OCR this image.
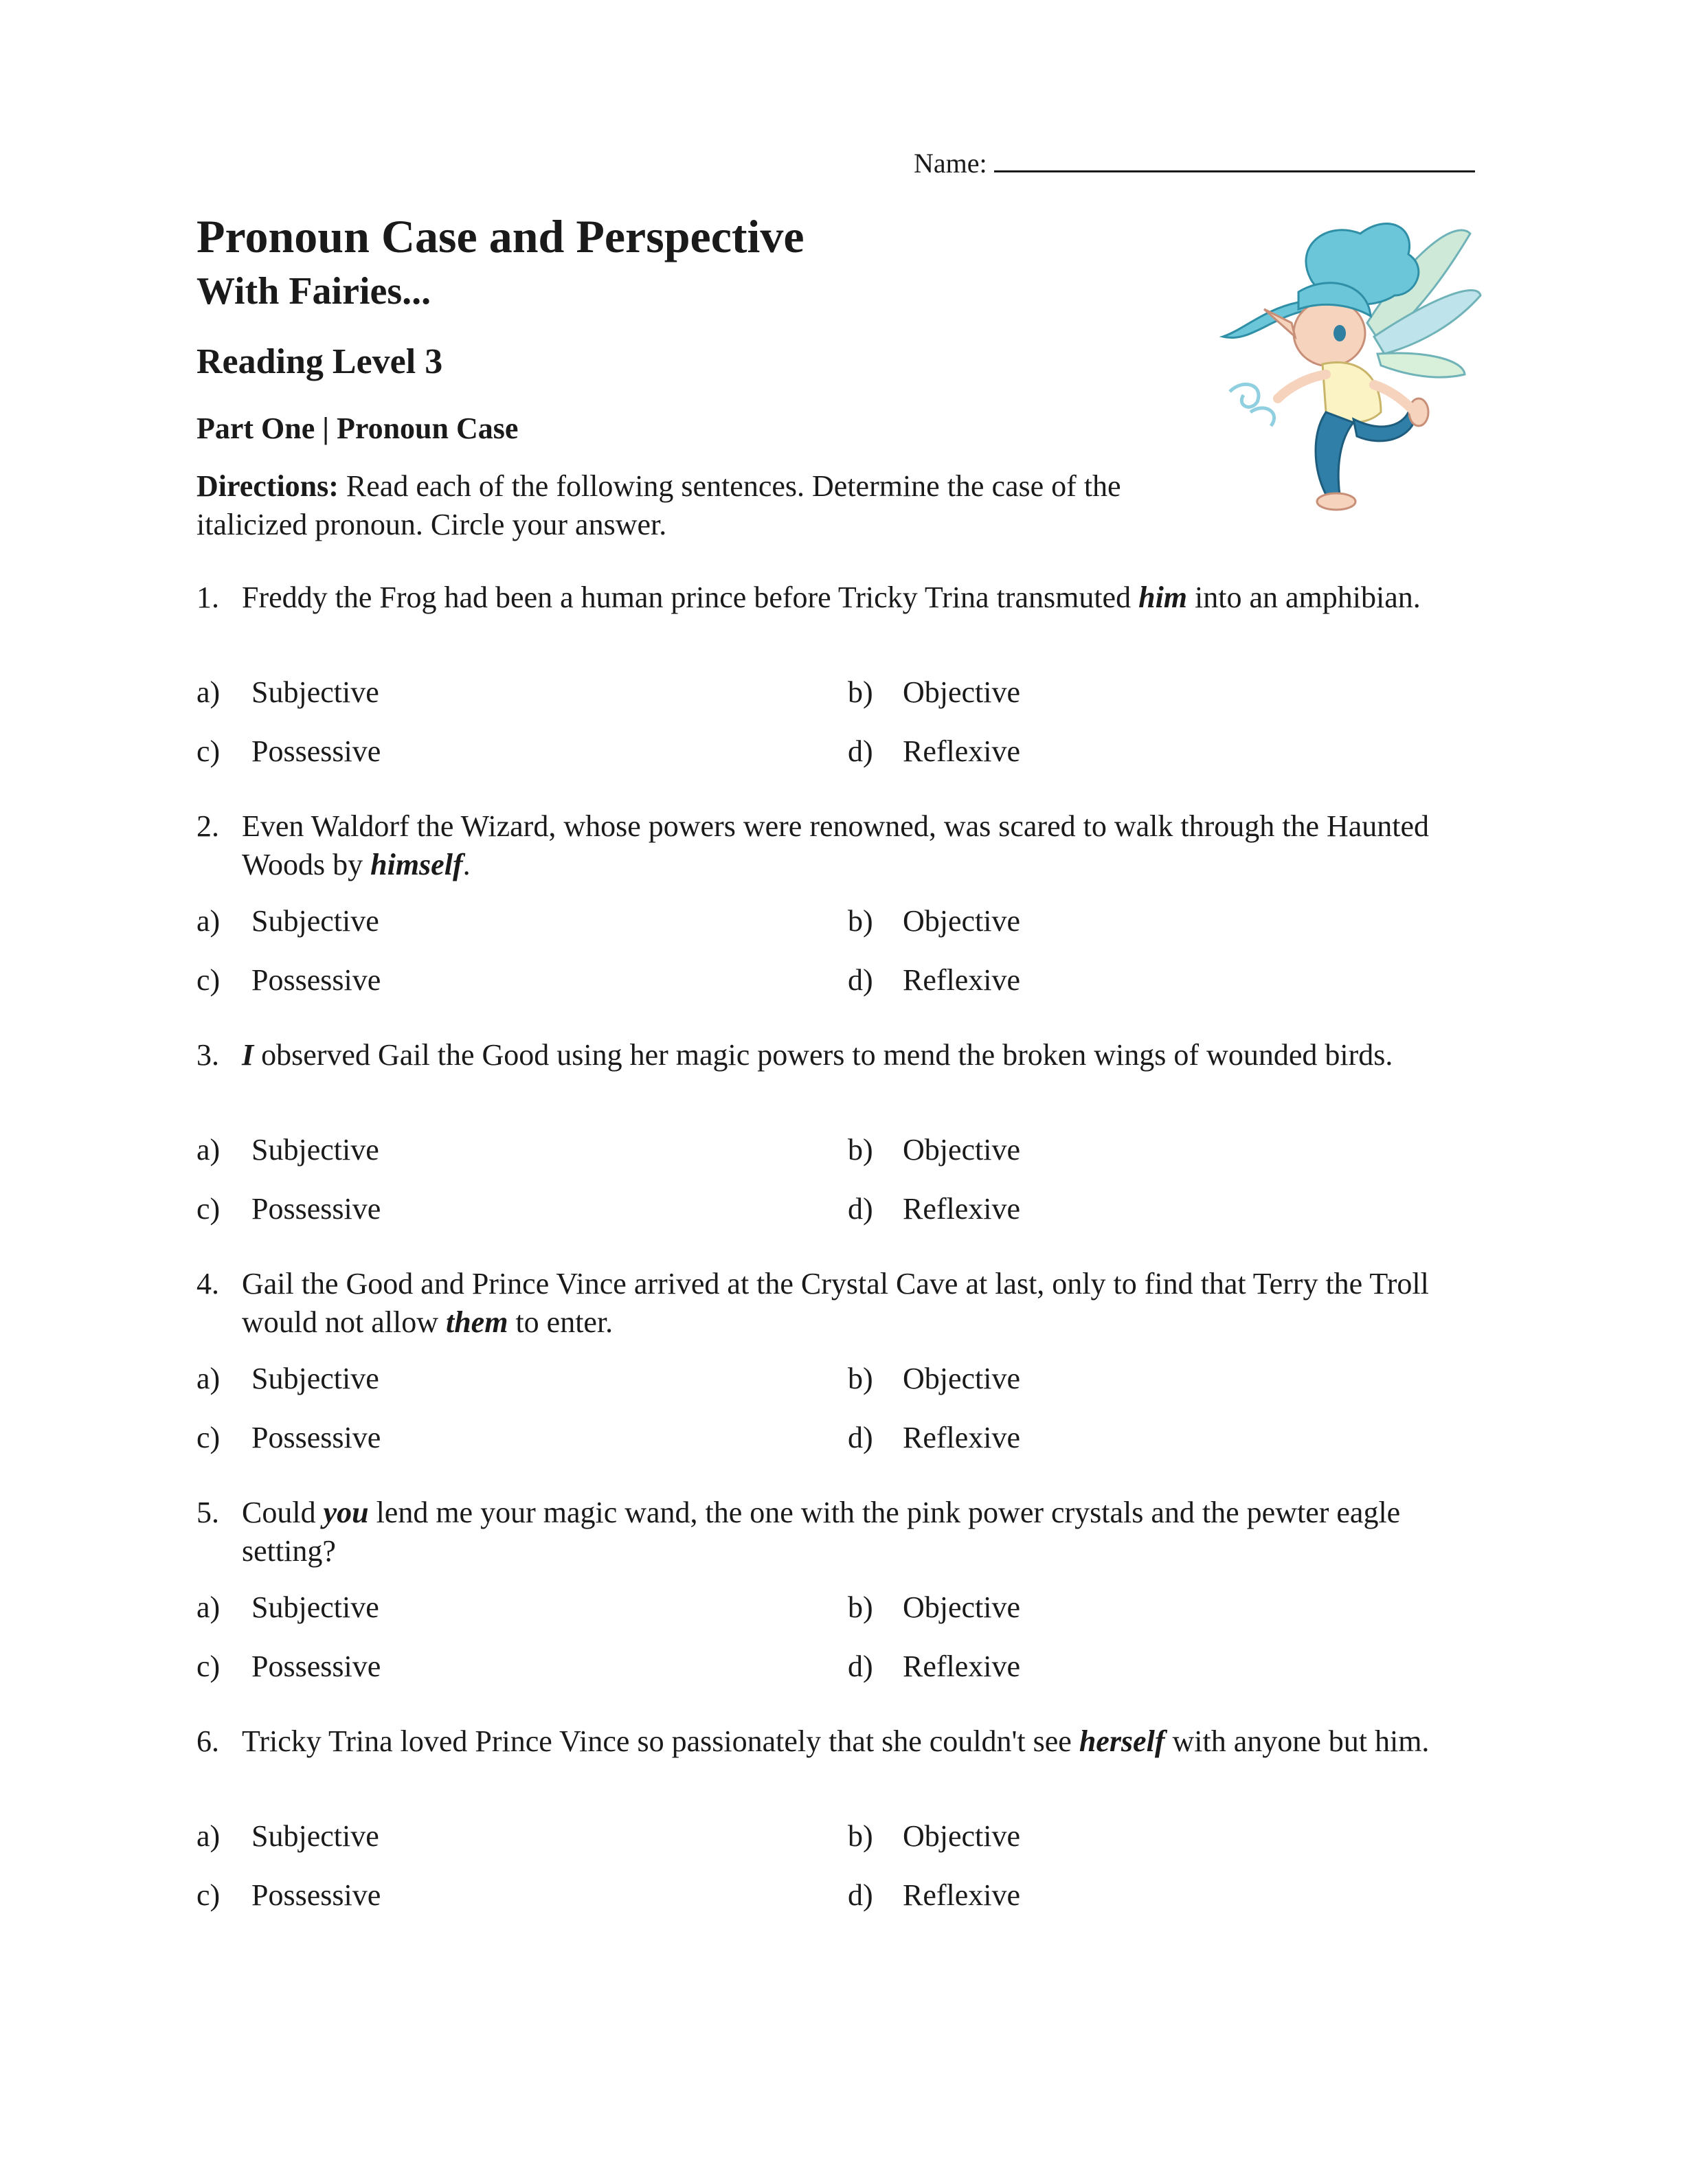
Name:
Pronoun Case and Perspective
With Fairies...
Reading Level 3
Part One | Pronoun Case
Directions: Read each of the following sentences. Determine the case of the italicized pronoun. Circle your answer.
1. Freddy the Frog had been a human prince before Tricky Trina transmuted him into an amphibian.
a) Subjective	b) Objective
c) Possessive	d) Reflexive
2. Even Waldorf the Wizard, whose powers were renowned, was scared to walk through the Haunted Woods by himself.
a) Subjective	b) Objective
c) Possessive	d) Reflexive
3. I observed Gail the Good using her magic powers to mend the broken wings of wounded birds.
a) Subjective	b) Objective
c) Possessive	d) Reflexive
4. Gail the Good and Prince Vince arrived at the Crystal Cave at last, only to find that Terry the Troll would not allow them to enter.
a) Subjective	b) Objective
c) Possessive	d) Reflexive
5. Could you lend me your magic wand, the one with the pink power crystals and the pewter eagle setting?
a) Subjective	b) Objective
c) Possessive	d) Reflexive
6. Tricky Trina loved Prince Vince so passionately that she couldn't see herself with anyone but him.
a) Subjective	b) Objective
c) Possessive	d) Reflexive
